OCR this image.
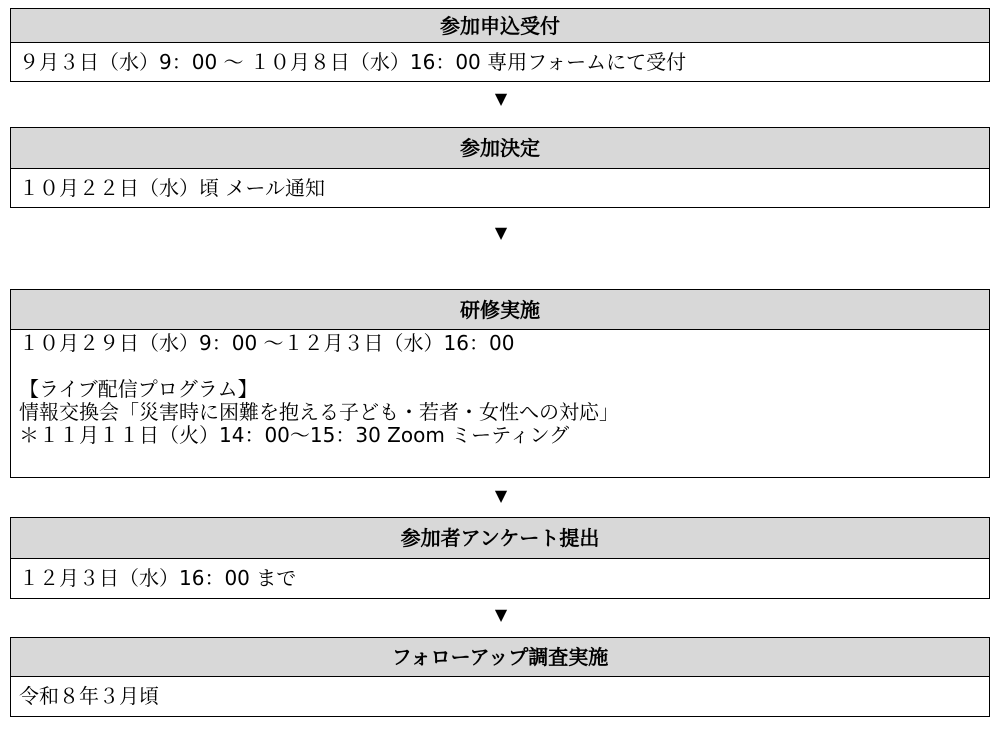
参加申込受付
９月３日（水）9：00 ～ １０月８日（水）16：00 専用フォームにて受付
▼
参加決定
１０月２２日（水）頃 メール通知
▼
研修実施
１０月２９日（水）9：00 ～１２月３日（水）16：00
【ライブ配信プログラム】
情報交換会「災害時に困難を抱える子ども・若者・女性への対応」
＊１１月１１日（火）14：00～15：30 Zoom ミーティング
▼
参加者アンケート提出
１２月３日（水）16：00 まで
▼
フォローアップ調査実施
令和８年３月頃
